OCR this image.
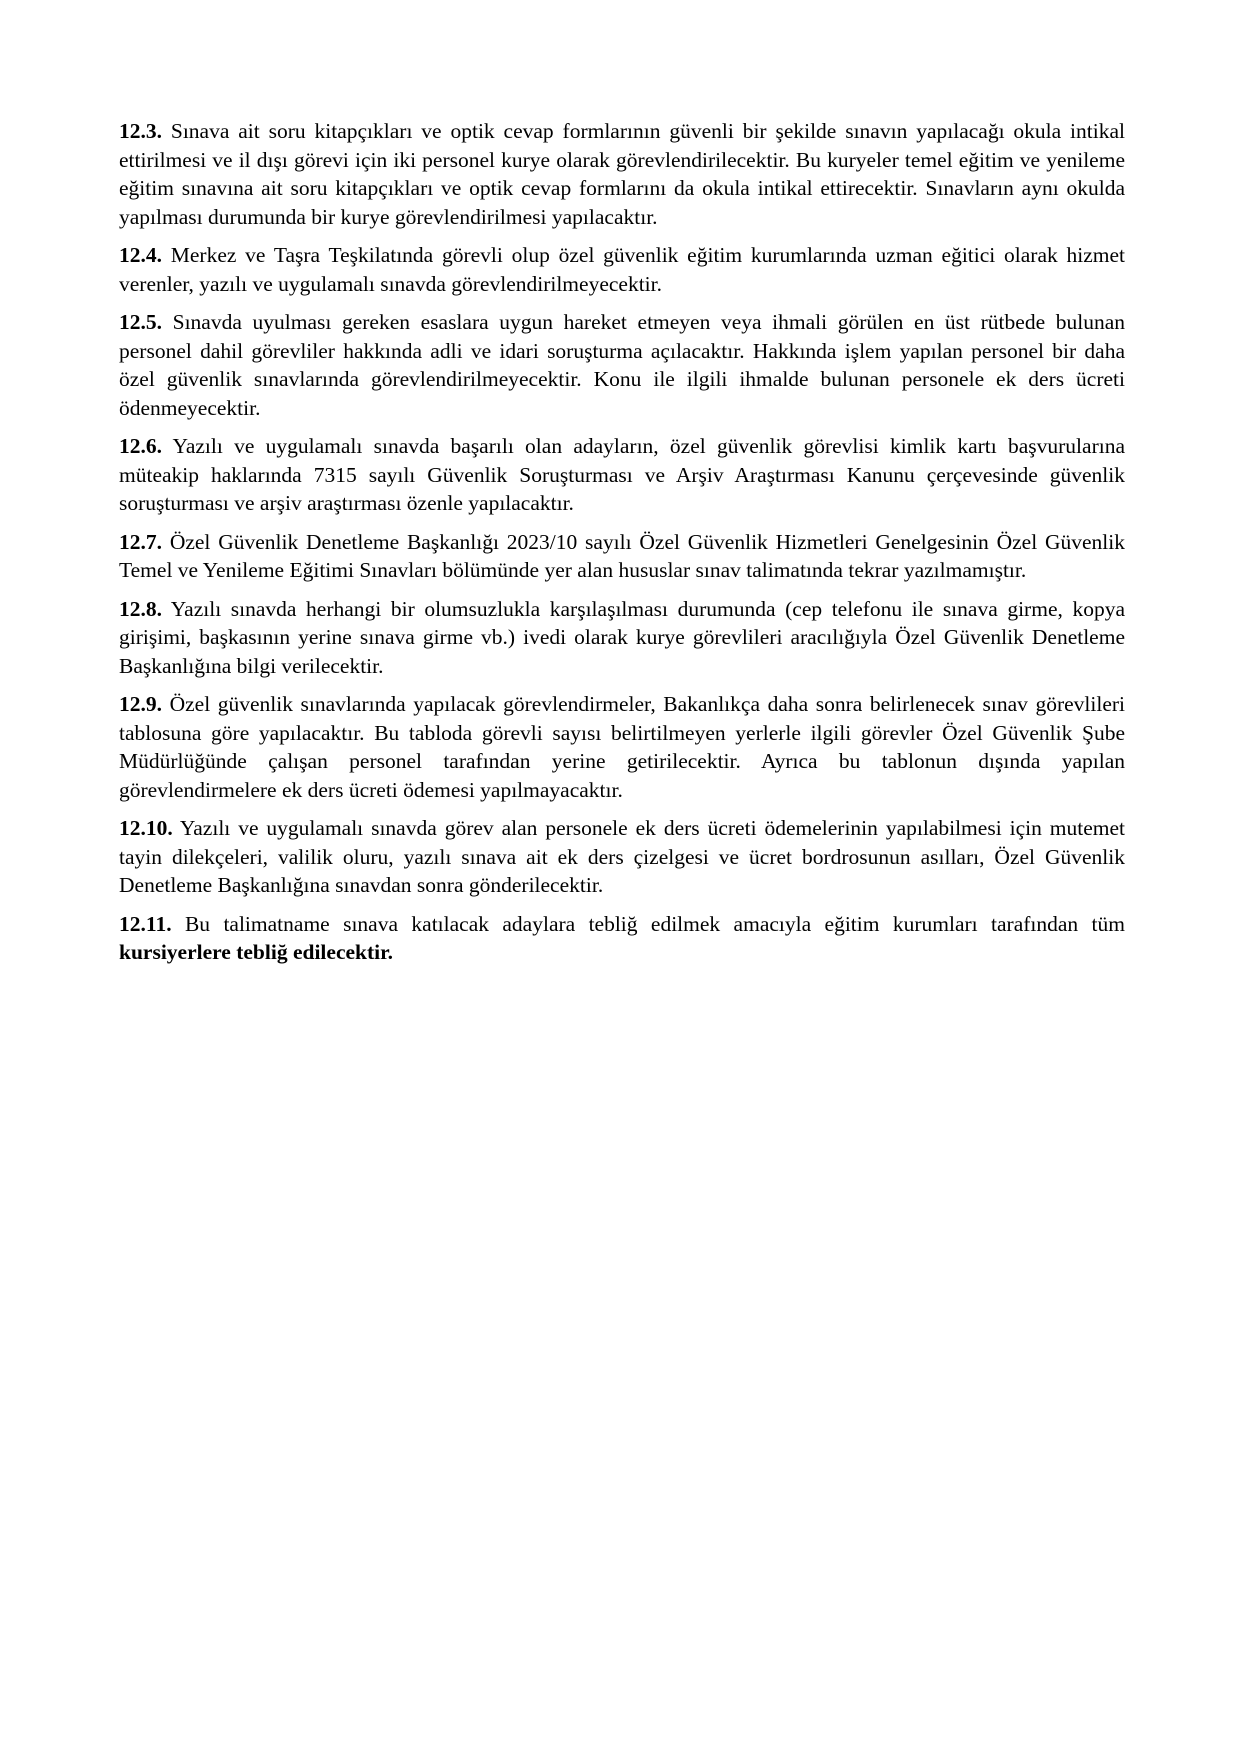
12.3. Sınava ait soru kitapçıkları ve optik cevap formlarının güvenli bir şekilde sınavın yapılacağı okula intikal ettirilmesi ve il dışı görevi için iki personel kurye olarak görevlendirilecektir. Bu kuryeler temel eğitim ve yenileme eğitim sınavına ait soru kitapçıkları ve optik cevap formlarını da okula intikal ettirecektir. Sınavların aynı okulda yapılması durumunda bir kurye görevlendirilmesi yapılacaktır.

12.4. Merkez ve Taşra Teşkilatında görevli olup özel güvenlik eğitim kurumlarında uzman eğitici olarak hizmet verenler, yazılı ve uygulamalı sınavda görevlendirilmeyecektir.

12.5. Sınavda uyulması gereken esaslara uygun hareket etmeyen veya ihmali görülen en üst rütbede bulunan personel dahil görevliler hakkında adli ve idari soruşturma açılacaktır. Hakkında işlem yapılan personel bir daha özel güvenlik sınavlarında görevlendirilmeyecektir. Konu ile ilgili ihmalde bulunan personele ek ders ücreti ödenmeyecektir.

12.6. Yazılı ve uygulamalı sınavda başarılı olan adayların, özel güvenlik görevlisi kimlik kartı başvurularına müteakip haklarında 7315 sayılı Güvenlik Soruşturması ve Arşiv Araştırması Kanunu çerçevesinde güvenlik soruşturması ve arşiv araştırması özenle yapılacaktır.

12.7. Özel Güvenlik Denetleme Başkanlığı 2023/10 sayılı Özel Güvenlik Hizmetleri Genelgesinin Özel Güvenlik Temel ve Yenileme Eğitimi Sınavları bölümünde yer alan hususlar sınav talimatında tekrar yazılmamıştır.

12.8. Yazılı sınavda herhangi bir olumsuzlukla karşılaşılması durumunda (cep telefonu ile sınava girme, kopya girişimi, başkasının yerine sınava girme vb.) ivedi olarak kurye görevlileri aracılığıyla Özel Güvenlik Denetleme Başkanlığına bilgi verilecektir.

12.9. Özel güvenlik sınavlarında yapılacak görevlendirmeler, Bakanlıkça daha sonra belirlenecek sınav görevlileri tablosuna göre yapılacaktır. Bu tabloda görevli sayısı belirtilmeyen yerlerle ilgili görevler Özel Güvenlik Şube Müdürlüğünde çalışan personel tarafından yerine getirilecektir. Ayrıca bu tablonun dışında yapılan görevlendirmelere ek ders ücreti ödemesi yapılmayacaktır.

12.10. Yazılı ve uygulamalı sınavda görev alan personele ek ders ücreti ödemelerinin yapılabilmesi için mutemet tayin dilekçeleri, valilik oluru, yazılı sınava ait ek ders çizelgesi ve ücret bordrosunun asılları, Özel Güvenlik Denetleme Başkanlığına sınavdan sonra gönderilecektir.

12.11. Bu talimatname sınava katılacak adaylara tebliğ edilmek amacıyla eğitim kurumları tarafından tüm kursiyerlere tebliğ edilecektir.
